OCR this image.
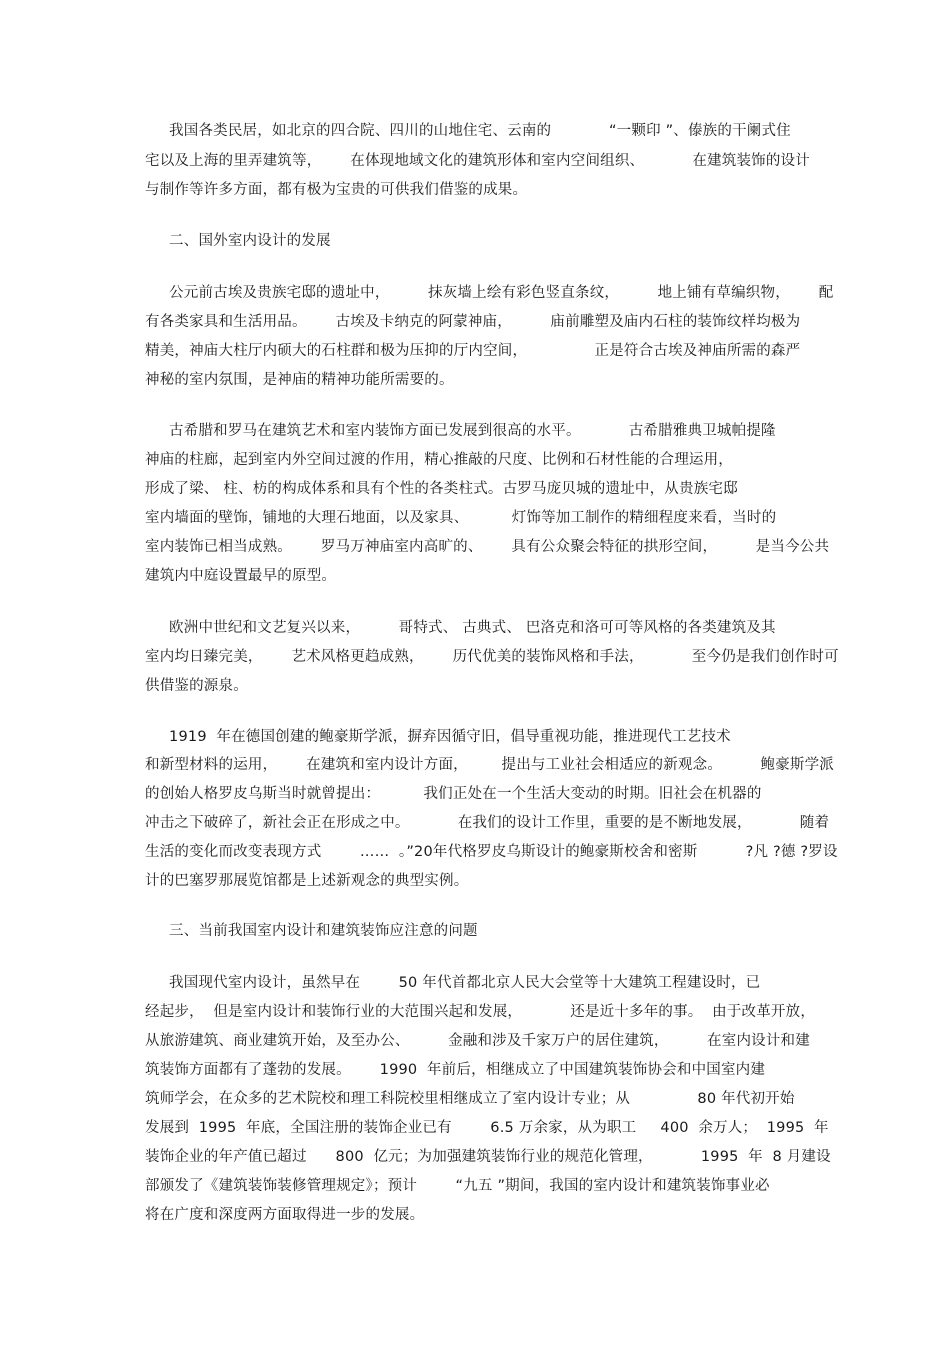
我国各类民居，如北京的四合院、四川的山地住宅、云南的            “一颗印 ”、傣族的干阑式住
宅以及上海的里弄建筑等，      在体现地域文化的建筑形体和室内空间组织、          在建筑装饰的设计
与制作等许多方面，都有极为宝贵的可供我们借鉴的成果。
二、国外室内设计的发展
公元前古埃及贵族宅邸的遗址中，        抹灰墙上绘有彩色竖直条纹，        地上铺有草编织物，      配
有各类家具和生活用品。      古埃及卡纳克的阿蒙神庙，        庙前雕塑及庙内石柱的装饰纹样均极为
精美，神庙大柱厅内硕大的石柱群和极为压抑的厅内空间，              正是符合古埃及神庙所需的森严
神秘的室内氛围，是神庙的精神功能所需要的。
古希腊和罗马在建筑艺术和室内装饰方面已发展到很高的水平。          古希腊雅典卫城帕提隆
神庙的柱廊，起到室内外空间过渡的作用，精心推敲的尺度、比例和石材性能的合理运用，
形成了梁、 柱、枋的构成体系和具有个性的各类柱式。古罗马庞贝城的遗址中，从贵族宅邸
室内墙面的壁饰，铺地的大理石地面，以及家具、         灯饰等加工制作的精细程度来看，当时的
室内装饰已相当成熟。      罗马万神庙室内高旷的、      具有公众聚会特征的拱形空间，        是当今公共
建筑内中庭设置最早的原型。
欧洲中世纪和文艺复兴以来，        哥特式、 古典式、 巴洛克和洛可可等风格的各类建筑及其
室内均日臻完美，      艺术风格更趋成熟，      历代优美的装饰风格和手法，          至今仍是我们创作时可
供借鉴的源泉。
1919  年在德国创建的鲍豪斯学派，摒弃因循守旧，倡导重视功能，推进现代工艺技术
和新型材料的运用，      在建筑和室内设计方面，       提出与工业社会相适应的新观念。        鲍豪斯学派
的创始人格罗皮乌斯当时就曾提出：         我们正处在一个生活大变动的时期。旧社会在机器的
冲击之下破碎了，新社会正在形成之中。          在我们的设计工作里，重要的是不断地发展，          随着
生活的变化而改变表现方式        ……  。”20年代格罗皮乌斯设计的鲍豪斯校舍和密斯          ?凡 ?德 ?罗设
计的巴塞罗那展览馆都是上述新观念的典型实例。
三、当前我国室内设计和建筑装饰应注意的问题
我国现代室内设计，虽然早在        50 年代首都北京人民大会堂等十大建筑工程建设时，已
经起步，  但是室内设计和装饰行业的大范围兴起和发展，          还是近十多年的事。  由于改革开放，
从旅游建筑、商业建筑开始，及至办公、        金融和涉及千家万户的居住建筑，        在室内设计和建
筑装饰方面都有了蓬勃的发展。      1990  年前后，相继成立了中国建筑装饰协会和中国室内建
筑师学会，在众多的艺术院校和理工科院校里相继成立了室内设计专业；从              80 年代初开始
发展到  1995  年底，全国注册的装饰企业已有        6.5 万余家，从为职工     400  余万人；  1995  年
装饰企业的年产值已超过      800  亿元；为加强建筑装饰行业的规范化管理，          1995  年  8 月建设
部颁发了《建筑装饰装修管理规定》；预计        “九五 ”期间，我国的室内设计和建筑装饰事业必
将在广度和深度两方面取得进一步的发展。
